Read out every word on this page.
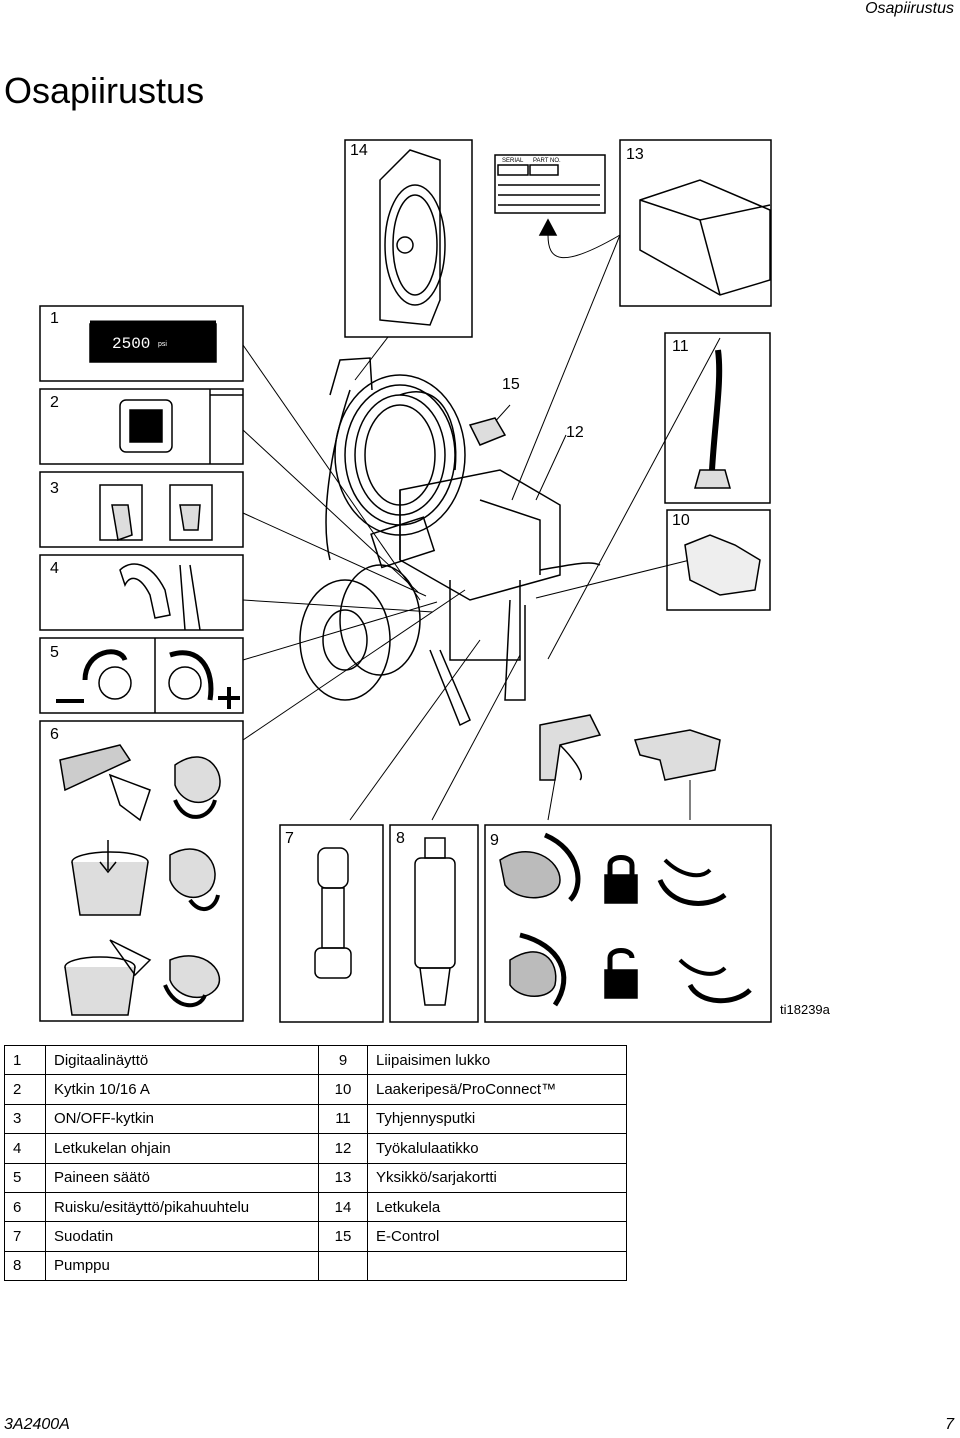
Osapiirustus
Osapiirustus
2500 psi
SERIAL PART NO.
14	13
1
11
15
2
12
3
10
4
5
6
7	8	9
ti18239a
1	Digitaalinäyttö	9	Liipaisimen lukko
2	Kytkin 10/16 A	10	Laakeripesä/ProConnect™
3	ON/OFF-kytkin	11	Tyhjennysputki
4	Letkukelan ohjain	12	Työkalulaatikko
5	Paineen säätö	13	Yksikkö/sarjakortti
6	Ruisku/esitäyttö/pikahuuhtelu	14	Letkukela
7	Suodatin	15	E-Control
8	Pumppu		
3A2400A	7
